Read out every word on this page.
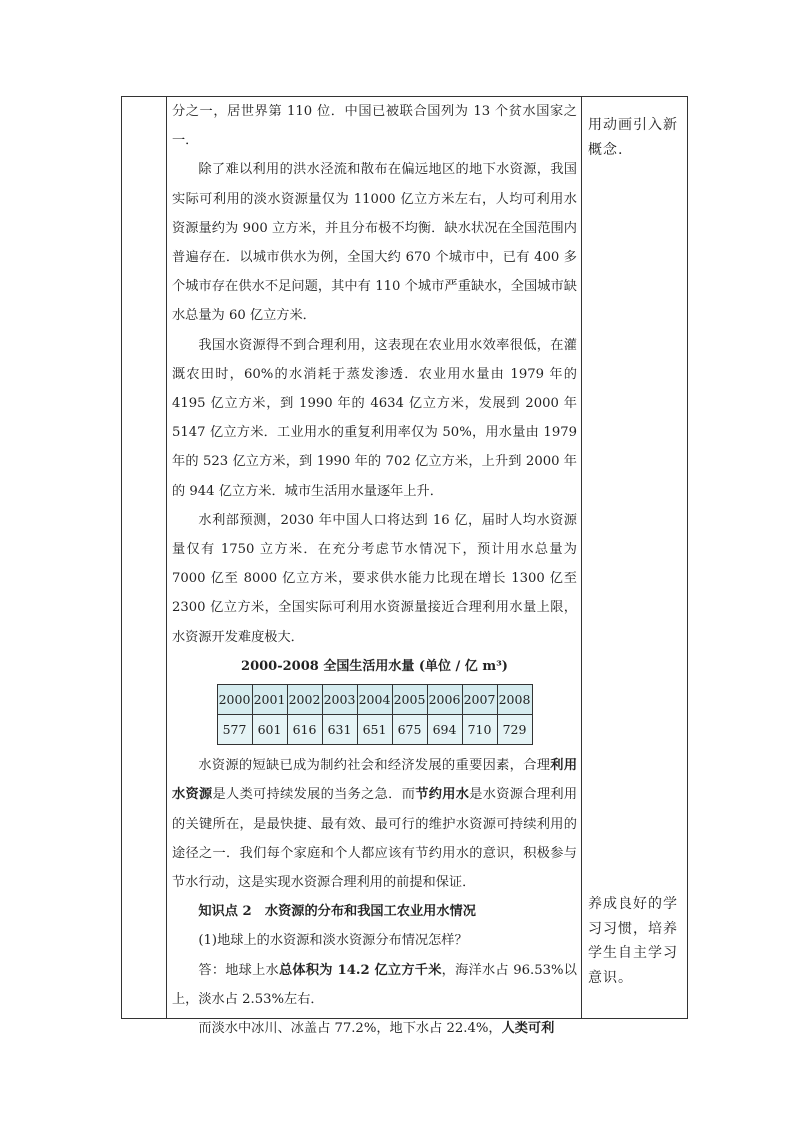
分之一，居世界第 110 位．中国已被联合国列为 13 个贫水国家之一．

除了难以利用的洪水泾流和散布在偏远地区的地下水资源，我国实际可利用的淡水资源量仅为 11000 亿立方米左右，人均可利用水资源量约为 900 立方米，并且分布极不均衡．缺水状况在全国范围内普遍存在．以城市供水为例，全国大约 670 个城市中，已有 400 多个城市存在供水不足问题，其中有 110 个城市严重缺水，全国城市缺水总量为 60 亿立方米．

我国水资源得不到合理利用，这表现在农业用水效率很低，在灌溉农田时，60%的水消耗于蒸发渗透．农业用水量由 1979 年的 4195 亿立方米，到 1990 年的 4634 亿立方米，发展到 2000 年 5147 亿立方米．工业用水的重复利用率仅为 50%，用水量由 1979 年的 523 亿立方米，到 1990 年的 702 亿立方米，上升到 2000 年的 944 亿立方米．城市生活用水量逐年上升．

水利部预测，2030 年中国人口将达到 16 亿，届时人均水资源量仅有 1750 立方米．在充分考虑节水情况下，预计用水总量为 7000 亿至 8000 亿立方米，要求供水能力比现在增长 1300 亿至 2300 亿立方米，全国实际可利用水资源量接近合理利用水量上限，水资源开发难度极大．

2000-2008 全国生活用水量 (单位 / 亿 m³)
2000	2001	2002	2003	2004	2005	2006	2007	2008
577	601	616	631	651	675	694	710	729

水资源的短缺已成为制约社会和经济发展的重要因素，合理利用水资源是人类可持续发展的当务之急．而节约用水是水资源合理利用的关键所在，是最快捷、最有效、最可行的维护水资源可持续利用的途径之一．我们每个家庭和个人都应该有节约用水的意识，积极参与节水行动，这是实现水资源合理利用的前提和保证．

知识点 2　水资源的分布和我国工农业用水情况

(1)地球上的水资源和淡水资源分布情况怎样？

答：地球上水总体积为 14.2 亿立方千米，海洋水占 96.53%以上，淡水占 2.53%左右．

而淡水中冰川、冰盖占 77.2%，地下水占 22.4%，人类可利

用动画引入新概念.
养成良好的学习习惯，培养学生自主学习意识。
